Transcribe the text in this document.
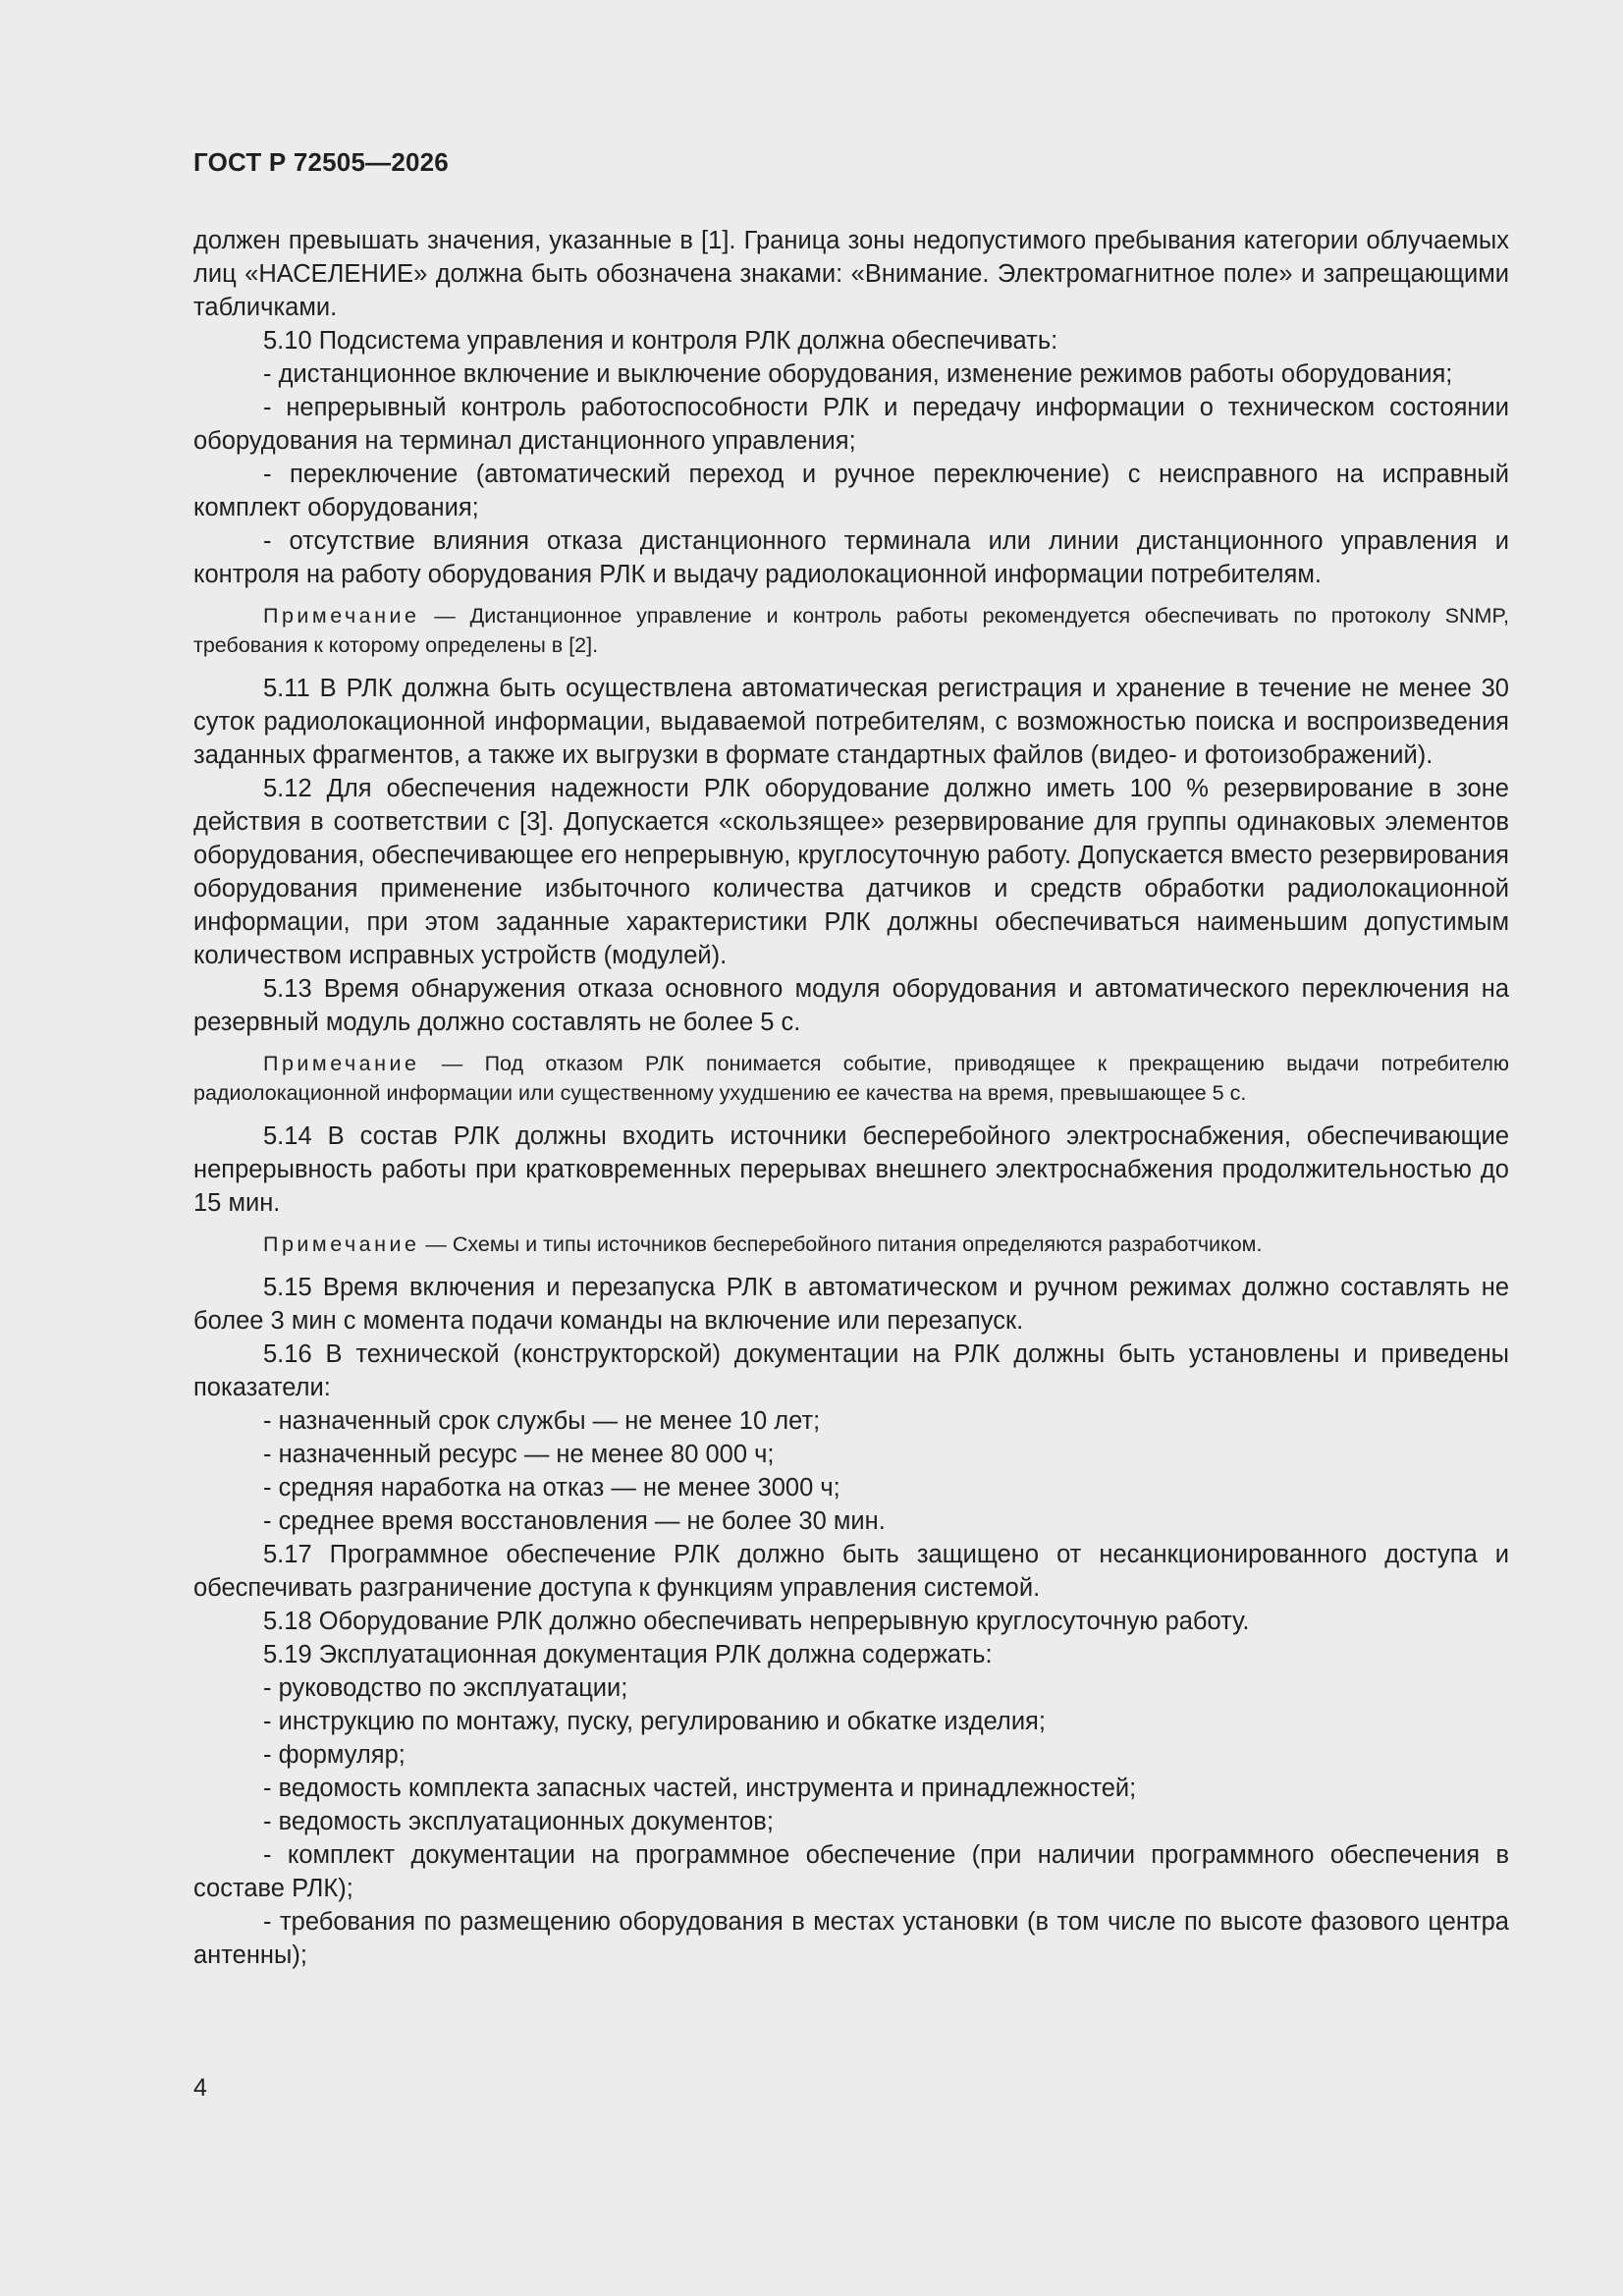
ГОСТ Р 72505—2026

должен превышать значения, указанные в [1]. Граница зоны недопустимого пребывания категории облучаемых лиц «НАСЕЛЕНИЕ» должна быть обозначена знаками: «Внимание. Электромагнитное поле» и запрещающими табличками.

5.10 Подсистема управления и контроля РЛК должна обеспечивать:

- дистанционное включение и выключение оборудования, изменение режимов работы оборудования;

- непрерывный контроль работоспособности РЛК и передачу информации о техническом состоянии оборудования на терминал дистанционного управления;

- переключение (автоматический переход и ручное переключение) с неисправного на исправный комплект оборудования;

- отсутствие влияния отказа дистанционного терминала или линии дистанционного управления и контроля на работу оборудования РЛК и выдачу радиолокационной информации потребителям.

Примечание — Дистанционное управление и контроль работы рекомендуется обеспечивать по протоколу SNMP, требования к которому определены в [2].

5.11 В РЛК должна быть осуществлена автоматическая регистрация и хранение в течение не менее 30 суток радиолокационной информации, выдаваемой потребителям, с возможностью поиска и воспроизведения заданных фрагментов, а также их выгрузки в формате стандартных файлов (видео- и фотоизображений).

5.12 Для обеспечения надежности РЛК оборудование должно иметь 100 % резервирование в зоне действия в соответствии с [3]. Допускается «скользящее» резервирование для группы одинаковых элементов оборудования, обеспечивающее его непрерывную, круглосуточную работу. Допускается вместо резервирования оборудования применение избыточного количества датчиков и средств обработки радиолокационной информации, при этом заданные характеристики РЛК должны обеспечиваться наименьшим допустимым количеством исправных устройств (модулей).

5.13 Время обнаружения отказа основного модуля оборудования и автоматического переключения на резервный модуль должно составлять не более 5 с.

Примечание — Под отказом РЛК понимается событие, приводящее к прекращению выдачи потребителю радиолокационной информации или существенному ухудшению ее качества на время, превышающее 5 с.

5.14 В состав РЛК должны входить источники бесперебойного электроснабжения, обеспечивающие непрерывность работы при кратковременных перерывах внешнего электроснабжения продолжительностью до 15 мин.

Примечание — Схемы и типы источников бесперебойного питания определяются разработчиком.

5.15 Время включения и перезапуска РЛК в автоматическом и ручном режимах должно составлять не более 3 мин с момента подачи команды на включение или перезапуск.

5.16 В технической (конструкторской) документации на РЛК должны быть установлены и приведены показатели:

- назначенный срок службы — не менее 10 лет;

- назначенный ресурс — не менее 80 000 ч;

- средняя наработка на отказ — не менее 3000 ч;

- среднее время восстановления — не более 30 мин.

5.17 Программное обеспечение РЛК должно быть защищено от несанкционированного доступа и обеспечивать разграничение доступа к функциям управления системой.

5.18 Оборудование РЛК должно обеспечивать непрерывную круглосуточную работу.

5.19 Эксплуатационная документация РЛК должна содержать:

- руководство по эксплуатации;

- инструкцию по монтажу, пуску, регулированию и обкатке изделия;

- формуляр;

- ведомость комплекта запасных частей, инструмента и принадлежностей;

- ведомость эксплуатационных документов;

- комплект документации на программное обеспечение (при наличии программного обеспечения в составе РЛК);

- требования по размещению оборудования в местах установки (в том числе по высоте фазового центра антенны);

4
